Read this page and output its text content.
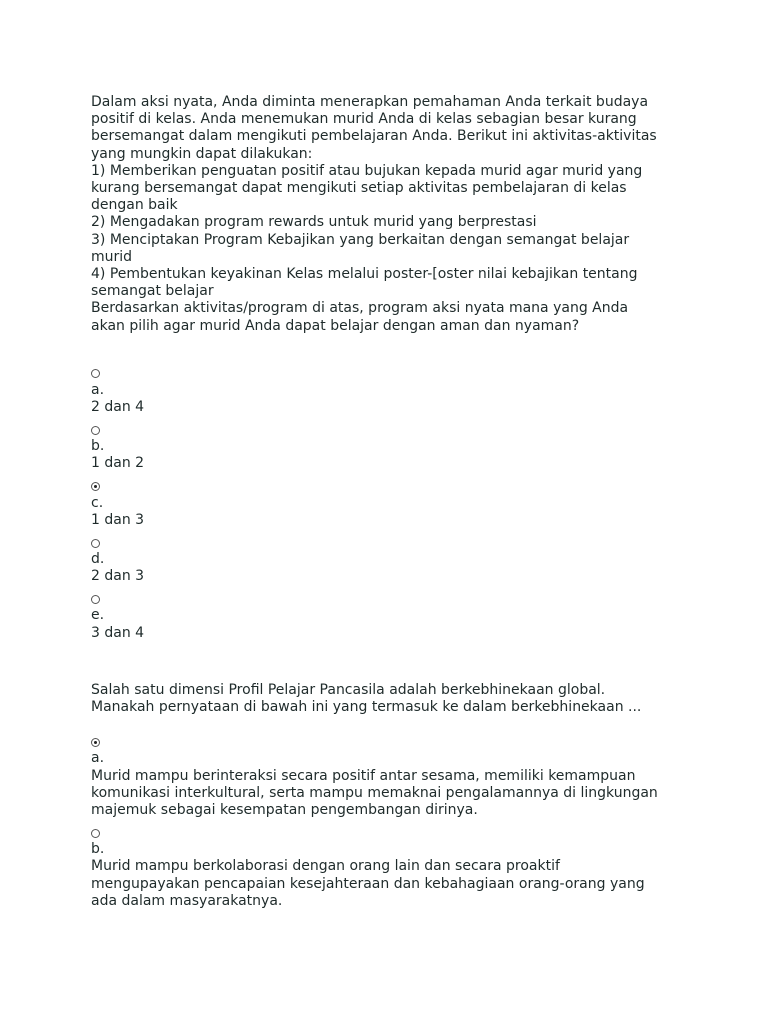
Dalam aksi nyata, Anda diminta menerapkan pemahaman Anda terkait budaya

positif di kelas. Anda menemukan murid Anda di kelas sebagian besar kurang

bersemangat dalam mengikuti pembelajaran Anda. Berikut ini aktivitas-aktivitas

yang mungkin dapat dilakukan:

1) Memberikan penguatan positif atau bujukan kepada murid agar murid yang

kurang bersemangat dapat mengikuti setiap aktivitas pembelajaran di kelas

dengan baik

2) Mengadakan program rewards untuk murid yang berprestasi

3) Menciptakan Program Kebajikan yang berkaitan dengan semangat belajar

murid

4) Pembentukan keyakinan Kelas melalui poster-[oster nilai kebajikan tentang

semangat belajar

Berdasarkan aktivitas/program di atas, program aksi nyata mana yang Anda

akan pilih agar murid Anda dapat belajar dengan aman dan nyaman?

a.
2 dan 4
b.
1 dan 2
c.
1 dan 3
d.
2 dan 3
e.
3 dan 4

Salah satu dimensi Profil Pelajar Pancasila adalah berkebhinekaan global.

Manakah pernyataan di bawah ini yang termasuk ke dalam berkebhinekaan ...

a.
Murid mampu berinteraksi secara positif antar sesama, memiliki kemampuan
komunikasi interkultural, serta mampu memaknai pengalamannya di lingkungan
majemuk sebagai kesempatan pengembangan dirinya.
b.
Murid mampu berkolaborasi dengan orang lain dan secara proaktif
mengupayakan pencapaian kesejahteraan dan kebahagiaan orang-orang yang
ada dalam masyarakatnya.
